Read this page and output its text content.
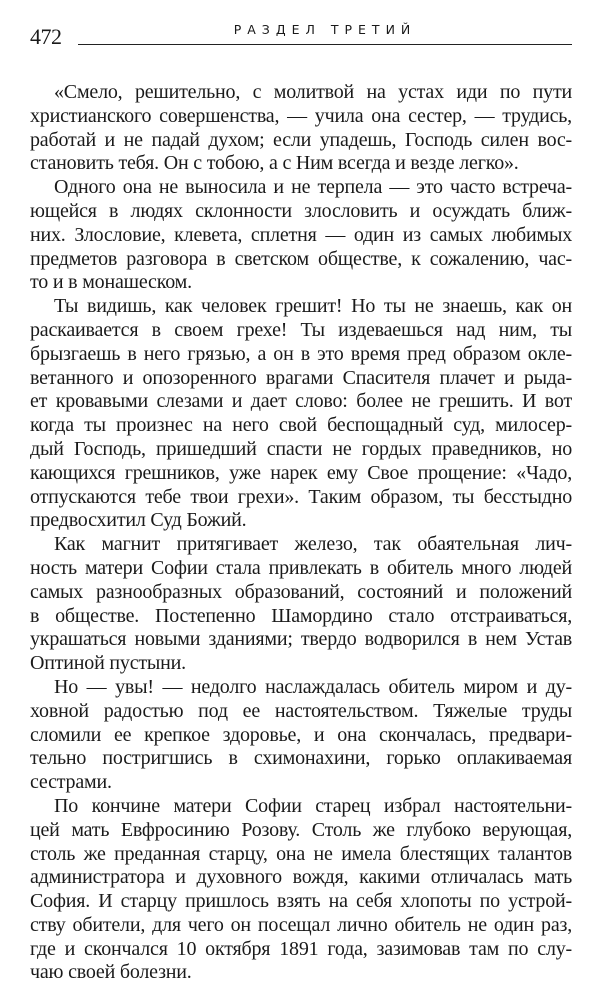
472	РАЗДЕЛ ТРЕТИЙ
«Смело, решительно, с молитвой на устах иди по пути
христианского совершенства, — учила она сестер, — трудись,
работай и не падай духом; если упадешь, Господь силен вос-
становить тебя. Он с тобою, а с Ним всегда и везде легко».
Одного она не выносила и не терпела — это часто встреча-
ющейся в людях склонности злословить и осуждать ближ-
них. Злословие, клевета, сплетня — один из самых любимых
предметов разговора в светском обществе, к сожалению, час-
то и в монашеском.
Ты видишь, как человек грешит! Но ты не знаешь, как он
раскаивается в своем грехе! Ты издеваешься над ним, ты
брызгаешь в него грязью, а он в это время пред образом окле-
ветанного и опозоренного врагами Спасителя плачет и рыда-
ет кровавыми слезами и дает слово: более не грешить. И вот
когда ты произнес на него свой беспощадный суд, милосер-
дый Господь, пришедший спасти не гордых праведников, но
кающихся грешников, уже нарек ему Свое прощение: «Чадо,
отпускаются тебе твои грехи». Таким образом, ты бесстыдно
предвосхитил Суд Божий.
Как магнит притягивает железо, так обаятельная лич-
ность матери Софии стала привлекать в обитель много людей
самых разнообразных образований, состояний и положений
в обществе. Постепенно Шамордино стало отстраиваться,
украшаться новыми зданиями; твердо водворился в нем Устав
Оптиной пустыни.
Но — увы! — недолго наслаждалась обитель миром и ду-
ховной радостью под ее настоятельством. Тяжелые труды
сломили ее крепкое здоровье, и она скончалась, предвари-
тельно постригшись в схимонахини, горько оплакиваемая
сестрами.
По кончине матери Софии старец избрал настоятельни-
цей мать Евфросинию Розову. Столь же глубоко верующая,
столь же преданная старцу, она не имела блестящих талантов
администратора и духовного вождя, какими отличалась мать
София. И старцу пришлось взять на себя хлопоты по устрой-
ству обители, для чего он посещал лично обитель не один раз,
где и скончался 10 октября 1891 года, зазимовав там по слу-
чаю своей болезни.
